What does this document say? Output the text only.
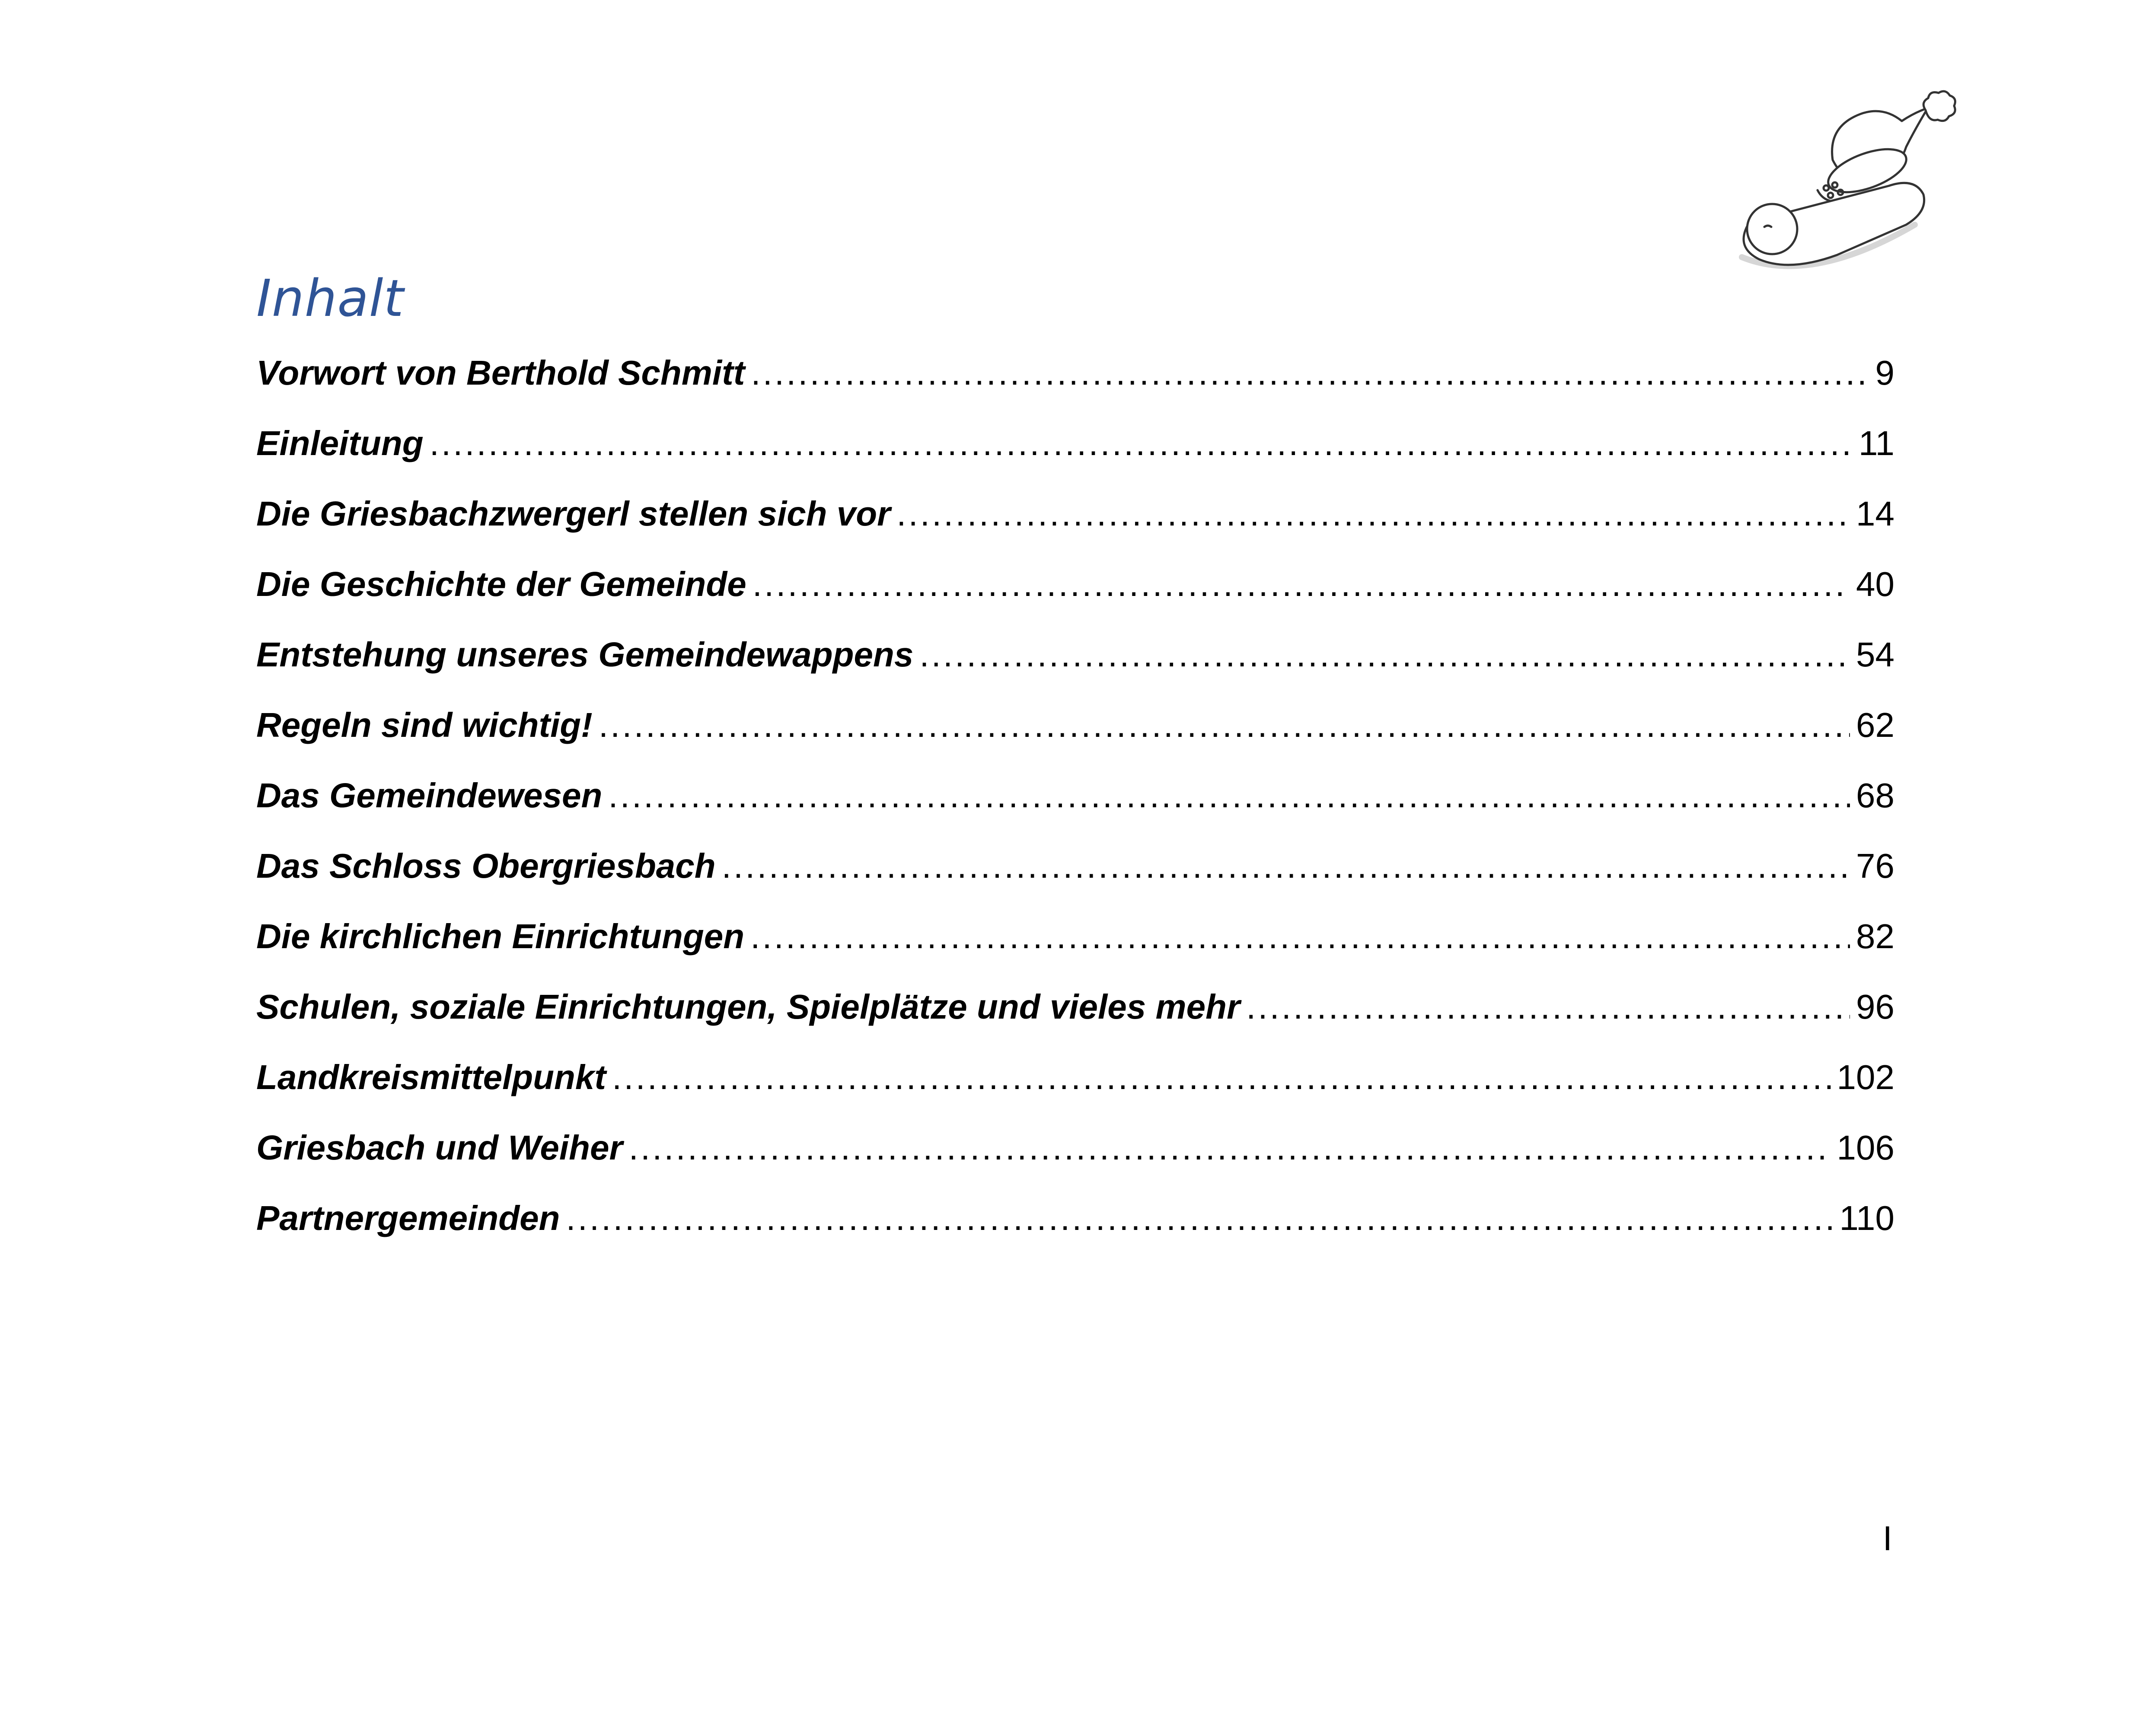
Inhalt
Vorwort von Berthold Schmitt .....	9
Einleitung .....	11
Die Griesbachzwergerl stellen sich vor .....	14
Die Geschichte der Gemeinde .....	40
Entstehung unseres Gemeindewappens .....	54
Regeln sind wichtig! .....	62
Das Gemeindewesen .....	68
Das Schloss Obergriesbach .....	76
Die kirchlichen Einrichtungen .....	82
Schulen, soziale Einrichtungen, Spielplätze und vieles mehr .....	96
Landkreismittelpunkt .....	102
Griesbach und Weiher .....	106
Partnergemeinden .....	110
I
